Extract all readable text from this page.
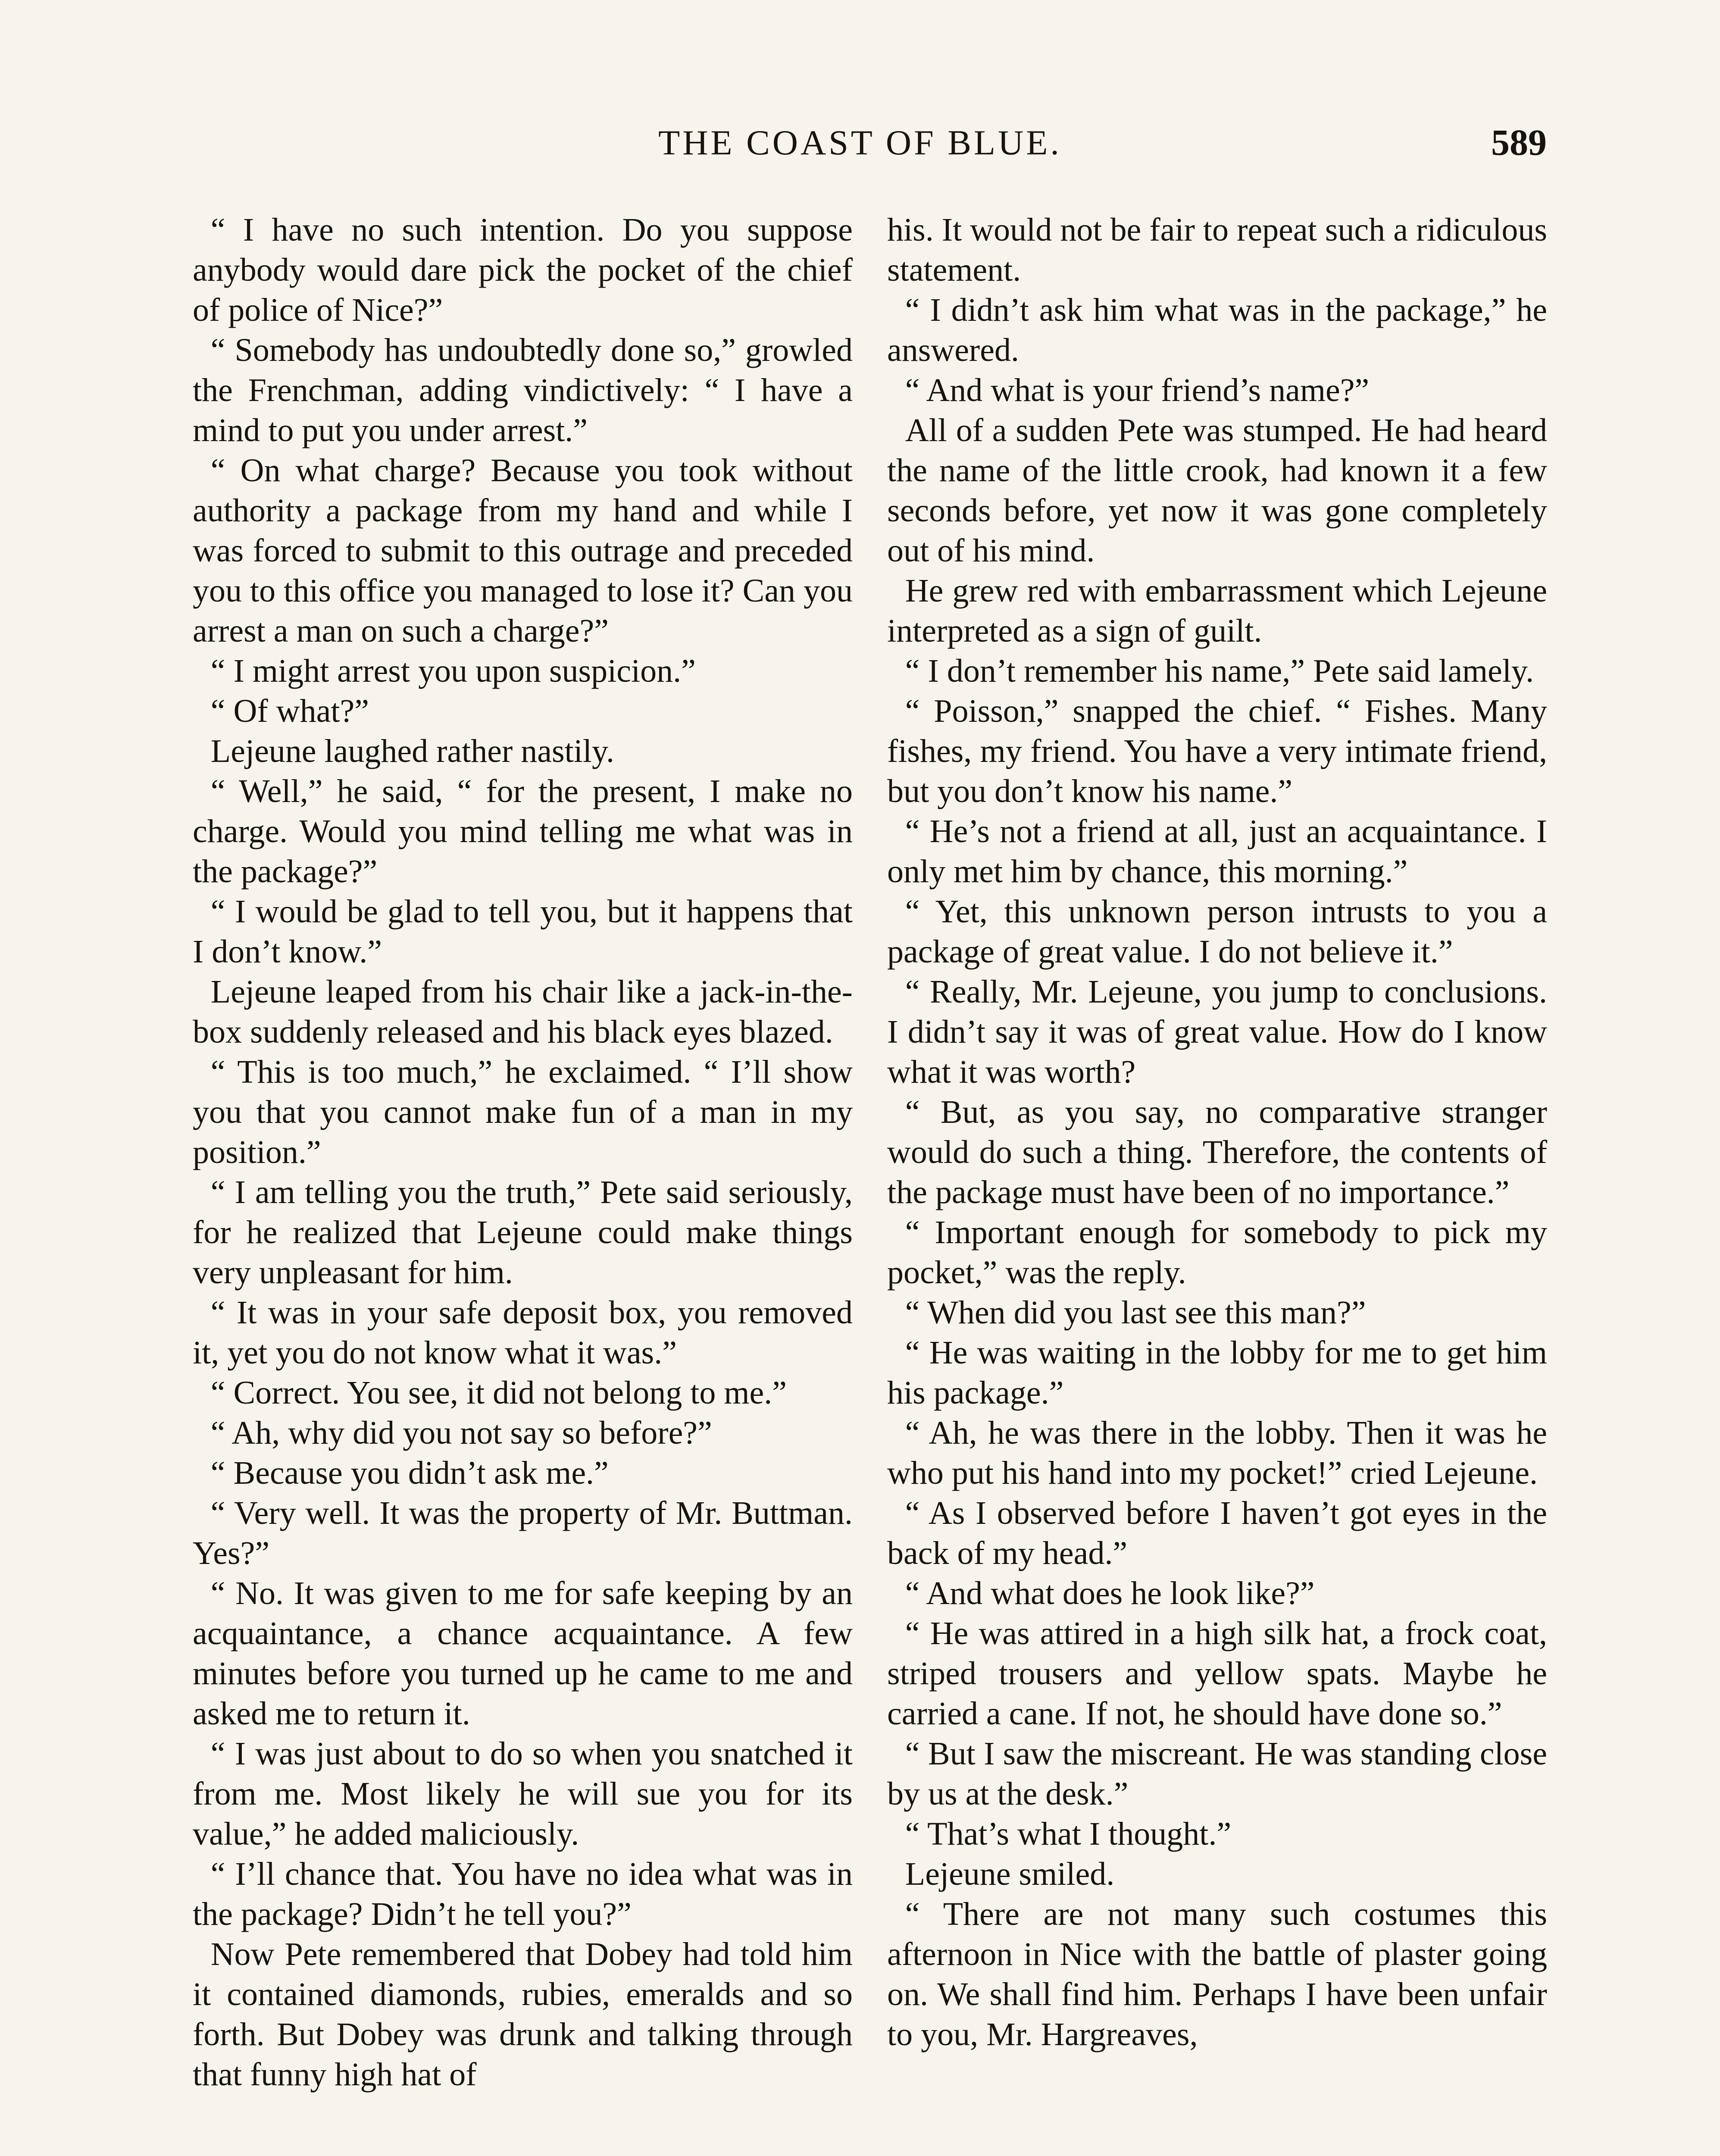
THE COAST OF BLUE.	589

“ I have no such intention. Do you suppose anybody would dare pick the pocket of the chief of police of Nice?”

“ Somebody has undoubtedly done so,” growled the Frenchman, adding vindictively: “ I have a mind to put you under arrest.”

“ On what charge? Because you took without authority a package from my hand and while I was forced to submit to this outrage and preceded you to this office you managed to lose it? Can you arrest a man on such a charge?”

“ I might arrest you upon suspicion.”

“ Of what?”

Lejeune laughed rather nastily.

“ Well,” he said, “ for the present, I make no charge. Would you mind telling me what was in the package?”

“ I would be glad to tell you, but it happens that I don’t know.”

Lejeune leaped from his chair like a jack-in-the-box suddenly released and his black eyes blazed.

“ This is too much,” he exclaimed. “ I’ll show you that you cannot make fun of a man in my position.”

“ I am telling you the truth,” Pete said seriously, for he realized that Lejeune could make things very unpleasant for him.

“ It was in your safe deposit box, you removed it, yet you do not know what it was.”

“ Correct. You see, it did not belong to me.”

“ Ah, why did you not say so before?”

“ Because you didn’t ask me.”

“ Very well. It was the property of Mr. Buttman. Yes?”

“ No. It was given to me for safe keeping by an acquaintance, a chance acquaintance. A few minutes before you turned up he came to me and asked me to return it.

“ I was just about to do so when you snatched it from me. Most likely he will sue you for its value,” he added maliciously.

“ I’ll chance that. You have no idea what was in the package? Didn’t he tell you?”

Now Pete remembered that Dobey had told him it contained diamonds, rubies, emeralds and so forth. But Dobey was drunk and talking through that funny high hat of

his. It would not be fair to repeat such a ridiculous statement.

“ I didn’t ask him what was in the package,” he answered.

“ And what is your friend’s name?”

All of a sudden Pete was stumped. He had heard the name of the little crook, had known it a few seconds before, yet now it was gone completely out of his mind.

He grew red with embarrassment which Lejeune interpreted as a sign of guilt.

“ I don’t remember his name,” Pete said lamely.

“ Poisson,” snapped the chief. “ Fishes. Many fishes, my friend. You have a very intimate friend, but you don’t know his name.”

“ He’s not a friend at all, just an acquaintance. I only met him by chance, this morning.”

“ Yet, this unknown person intrusts to you a package of great value. I do not believe it.”

“ Really, Mr. Lejeune, you jump to conclusions. I didn’t say it was of great value. How do I know what it was worth?

“ But, as you say, no comparative stranger would do such a thing. Therefore, the contents of the package must have been of no importance.”

“ Important enough for somebody to pick my pocket,” was the reply.

“ When did you last see this man?”

“ He was waiting in the lobby for me to get him his package.”

“ Ah, he was there in the lobby. Then it was he who put his hand into my pocket!” cried Lejeune.

“ As I observed before I haven’t got eyes in the back of my head.”

“ And what does he look like?”

“ He was attired in a high silk hat, a frock coat, striped trousers and yellow spats. Maybe he carried a cane. If not, he should have done so.”

“ But I saw the miscreant. He was standing close by us at the desk.”

“ That’s what I thought.”

Lejeune smiled.

“ There are not many such costumes this afternoon in Nice with the battle of plaster going on. We shall find him. Perhaps I have been unfair to you, Mr. Hargreaves,
